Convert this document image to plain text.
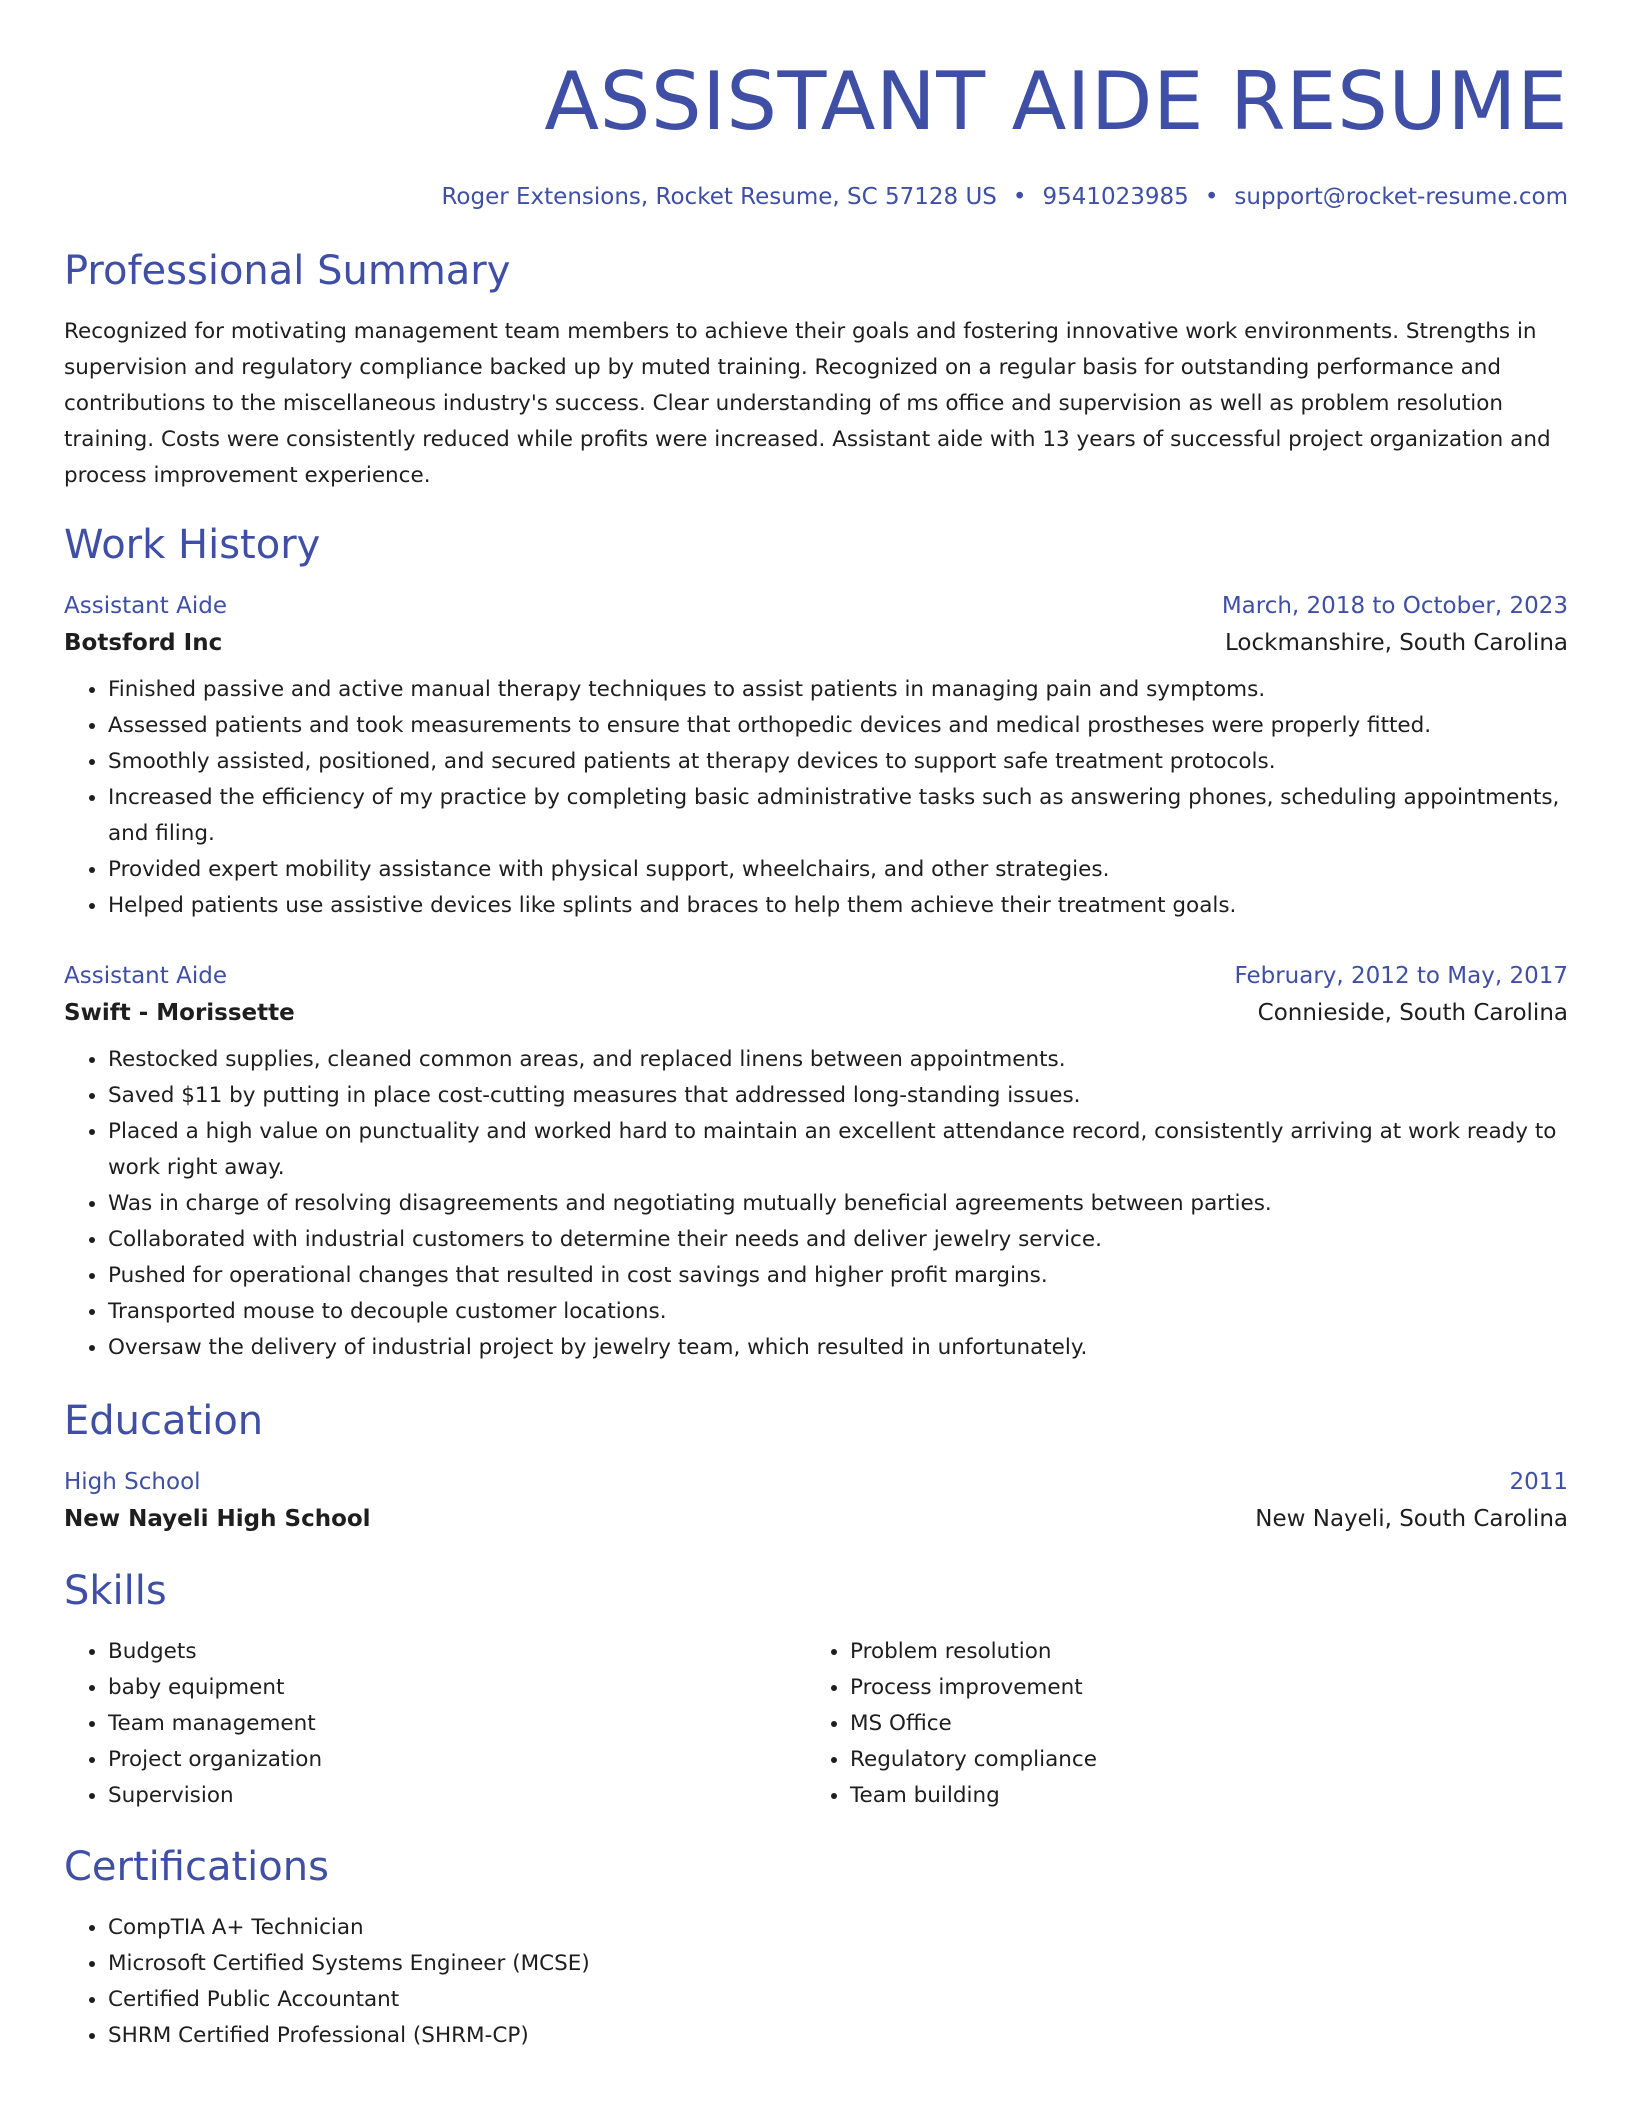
ASSISTANT AIDE RESUME
Roger Extensions, Rocket Resume, SC 57128 US • 9541023985 • support@rocket-resume.com
Professional Summary

Recognized for motivating management team members to achieve their goals and fostering innovative work environments. Strengths in supervision and regulatory compliance backed up by muted training. Recognized on a regular basis for outstanding performance and contributions to the miscellaneous industry's success. Clear understanding of ms office and supervision as well as problem resolution training. Costs were consistently reduced while profits were increased. Assistant aide with 13 years of successful project organization and process improvement experience.

Work History
Assistant Aide	March, 2018 to October, 2023
Botsford Inc	Lockmanshire, South Carolina
• Finished passive and active manual therapy techniques to assist patients in managing pain and symptoms.
• Assessed patients and took measurements to ensure that orthopedic devices and medical prostheses were properly fitted.
• Smoothly assisted, positioned, and secured patients at therapy devices to support safe treatment protocols.
• Increased the efficiency of my practice by completing basic administrative tasks such as answering phones, scheduling appointments, and filing.
• Provided expert mobility assistance with physical support, wheelchairs, and other strategies.
• Helped patients use assistive devices like splints and braces to help them achieve their treatment goals.
Assistant Aide	February, 2012 to May, 2017
Swift - Morissette	Connieside, South Carolina
• Restocked supplies, cleaned common areas, and replaced linens between appointments.
• Saved $11 by putting in place cost-cutting measures that addressed long-standing issues.
• Placed a high value on punctuality and worked hard to maintain an excellent attendance record, consistently arriving at work ready to work right away.
• Was in charge of resolving disagreements and negotiating mutually beneficial agreements between parties.
• Collaborated with industrial customers to determine their needs and deliver jewelry service.
• Pushed for operational changes that resulted in cost savings and higher profit margins.
• Transported mouse to decouple customer locations.
• Oversaw the delivery of industrial project by jewelry team, which resulted in unfortunately.
Education
High School	2011
New Nayeli High School	New Nayeli, South Carolina
Skills
• Budgets
• baby equipment
• Team management
• Project organization
• Supervision
• Problem resolution
• Process improvement
• MS Office
• Regulatory compliance
• Team building
Certifications
• CompTIA A+ Technician
• Microsoft Certified Systems Engineer (MCSE)
• Certified Public Accountant
• SHRM Certified Professional (SHRM-CP)
